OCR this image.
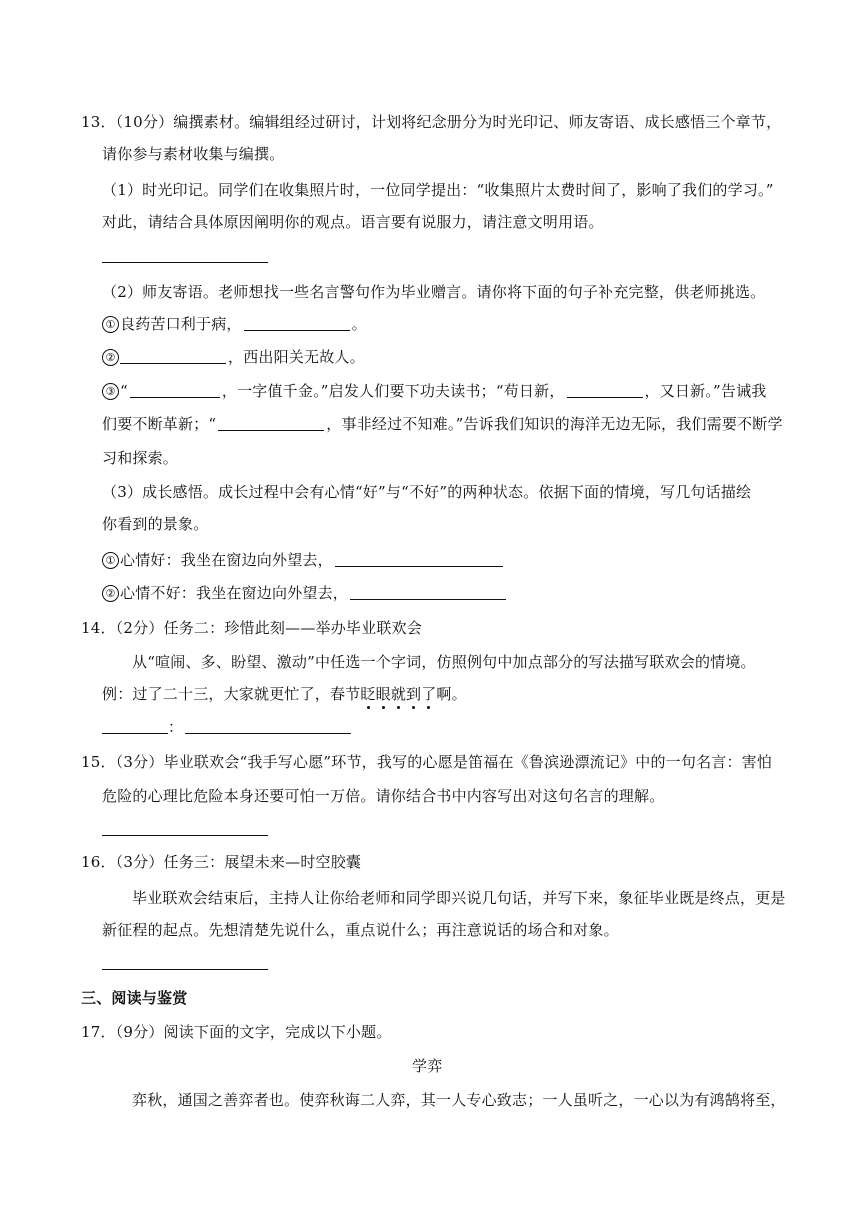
13．（10分）编撰素材。编辑组经过研讨，计划将纪念册分为时光印记、师友寄语、成长感悟三个章节，
请你参与素材收集与编撰。
（1）时光印记。同学们在收集照片时，一位同学提出：“收集照片太费时间了，影响了我们的学习。”
对此，请结合具体原因阐明你的观点。语言要有说服力，请注意文明用语。
（2）师友寄语。老师想找一些名言警句作为毕业赠言。请你将下面的句子补充完整，供老师挑选。
① 良药苦口利于病，	。
②	，西出阳关无故人。
③ “	，一字值千金。”启发人们要下功夫读书；“苟日新，	，又日新。”告诫我
们要不断革新；“	，事非经过不知难。”告诉我们知识的海洋无边无际，我们需要不断学
习和探索。
（3）成长感悟。成长过程中会有心情“好”与“不好”的两种状态。依据下面的情境，写几句话描绘
你看到的景象。
① 心情好：我坐在窗边向外望去，
② 心情不好：我坐在窗边向外望去，
14．（2分）任务二：珍惜此刻——举办毕业联欢会
从“喧闹、多、盼望、激动”中任选一个字词，仿照例句中加点部分的写法描写联欢会的情境。
例：过了二十三，大家就更忙了，春节眨眼就到了啊。
：
15．（3分）毕业联欢会“我手写心愿”环节，我写的心愿是笛福在《鲁滨逊漂流记》中的一句名言：害怕
危险的心理比危险本身还要可怕一万倍。请你结合书中内容写出对这句名言的理解。
16．（3分）任务三：展望未来—时空胶囊
毕业联欢会结束后，主持人让你给老师和同学即兴说几句话，并写下来，象征毕业既是终点，更是
新征程的起点。先想清楚先说什么，重点说什么；再注意说话的场合和对象。
三、阅读与鉴赏
17．（9分）阅读下面的文字，完成以下小题。
学弈
弈秋，通国之善弈者也。使弈秋诲二人弈，其一人专心致志；一人虽听之，一心以为有鸿鹄将至，
